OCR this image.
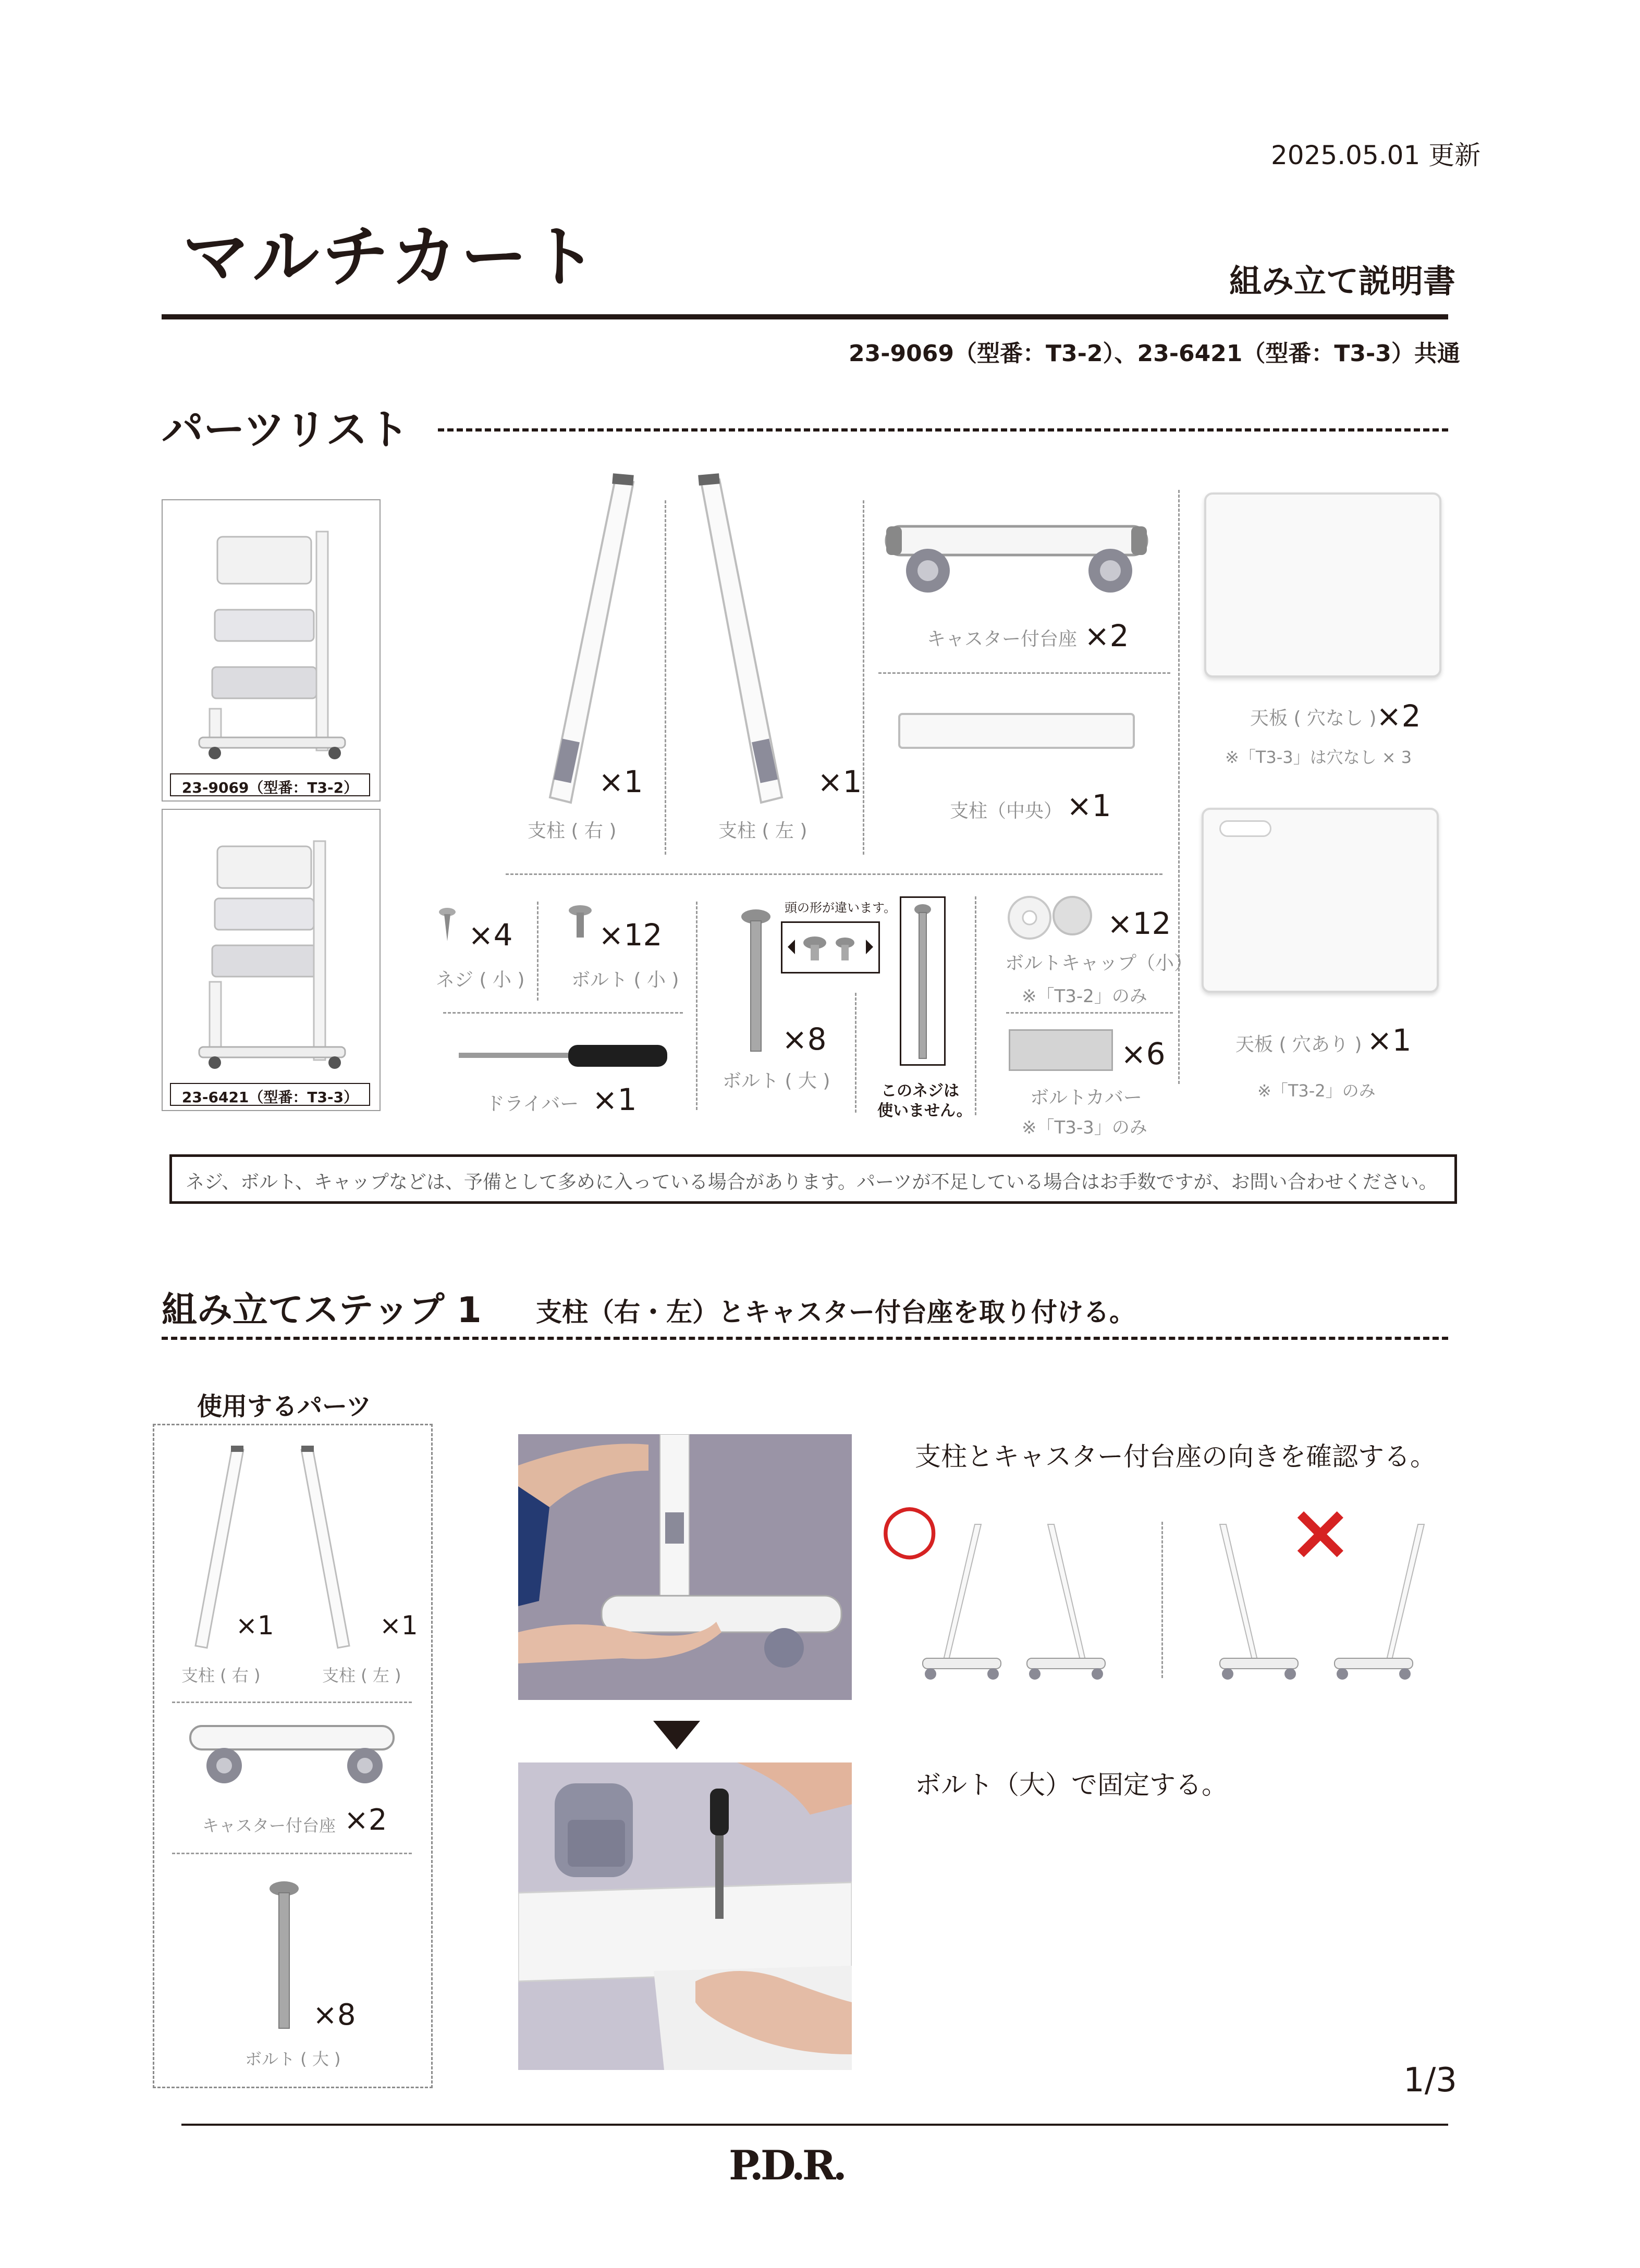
2025.05.01 更新
マルチカート	組み立て説明書
23-9069（型番：T3-2）、23-6421（型番：T3-3）共通
パーツリスト
23-9069（型番：T3-2）
23-6421（型番：T3-3）
×1
支柱 ( 右 )
×1
支柱 ( 左 )
キャスター付台座 ×2
支柱（中央） ×1
天板 ( 穴なし ) ×2
※「T3-3」は穴なし × 3
天板 ( 穴あり ) ×1
※「T3-2」のみ
×4
ネジ ( 小 )
×12
ボルト ( 小 )
ドライバー ×1
頭の形が違います。
×8
ボルト ( 大 )	このネジは
使いません。
×12
ボルトキャップ（小）
※「T3-2」のみ
×6
ボルトカバー
※「T3-3」のみ
ネジ、ボルト、キャップなどは、予備として多めに入っている場合があります。パーツが不足している場合はお手数ですが、お問い合わせください。
組み立てステップ 1 支柱（右・左）とキャスター付台座を取り付ける。
使用するパーツ
×1
支柱 ( 右 )
×1
支柱 ( 左 )
キャスター付台座 ×2
×8
ボルト ( 大 )
支柱とキャスター付台座の向きを確認する。
○	×
ボルト（大）で固定する。
1/3
P.D.R.
